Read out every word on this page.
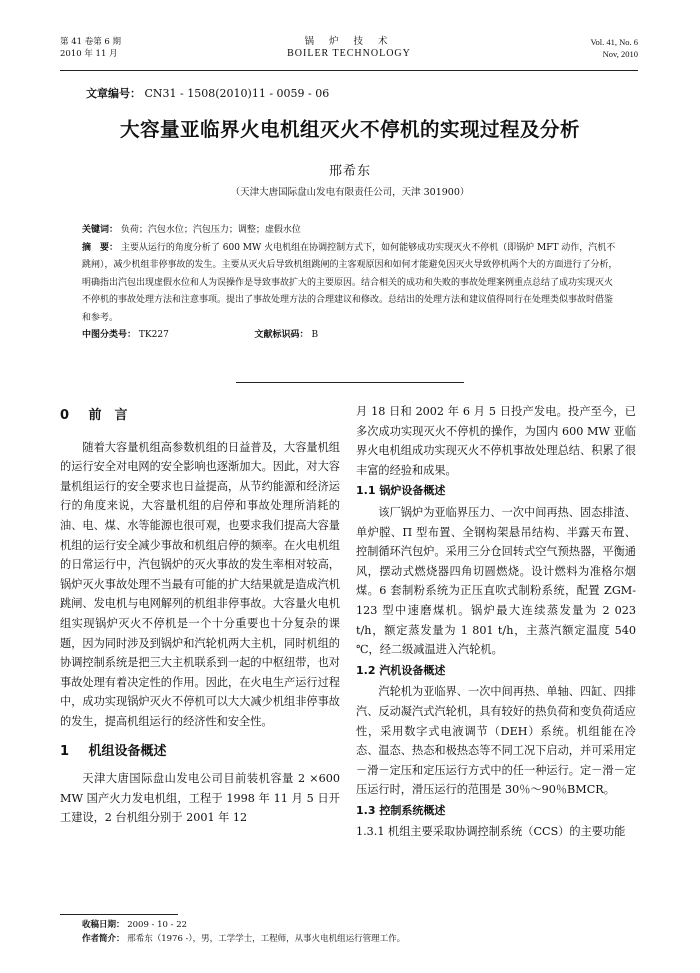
第 41 卷第 6 期
2010 年 11 月
锅 炉 技 术
BOILER TECHNOLOGY
Vol. 41, No. 6
Nov, 2010
文章编号： CN31 - 1508(2010)11 - 0059 - 06
大容量亚临界火电机组灭火不停机的实现过程及分析
邢希东
（天津大唐国际盘山发电有限责任公司，天津 301900）
关键词： 负荷；汽包水位；汽包压力；调整；虚假水位
摘　要： 主要从运行的角度分析了 600 MW 火电机组在协调控制方式下，如何能够成功实现灭火不停机（即锅炉 MFT 动作，汽机不跳闸），减少机组非停事故的发生。主要从灭火后导致机组跳闸的主客观原因和如何才能避免因灭火导致停机两个大的方面进行了分析，明确指出汽包出现虚假水位和人为误操作是导致事故扩大的主要原因。结合相关的成功和失败的事故处理案例重点总结了成功实现灭火不停机的事故处理方法和注意事项。提出了事故处理方法的合理建议和修改。总结出的处理方法和建议值得同行在处理类似事故时借鉴和参考。
中图分类号： TK227	文献标识码： B
0 前　言

随着大容量机组高参数机组的日益普及，大容量机组的运行安全对电网的安全影响也逐渐加大。因此，对大容量机组运行的安全要求也日益提高，从节约能源和经济运行的角度来说，大容量机组的启停和事故处理所消耗的油、电、煤、水等能源也很可观，也要求我们提高大容量机组的运行安全减少事故和机组启停的频率。在火电机组的日常运行中，汽包锅炉的灭火事故的发生率相对较高，锅炉灭火事故处理不当最有可能的扩大结果就是造成汽机跳闸、发电机与电网解列的机组非停事故。大容量火电机组实现锅炉灭火不停机是一个十分重要也十分复杂的课题，因为同时涉及到锅炉和汽轮机两大主机，同时机组的协调控制系统是把三大主机联系到一起的中枢纽带，也对事故处理有着决定性的作用。因此，在火电生产运行过程中，成功实现锅炉灭火不停机可以大大减少机组非停事故的发生，提高机组运行的经济性和安全性。

1 机组设备概述

天津大唐国际盘山发电公司目前装机容量 2 ×600 MW 国产火力发电机组，工程于 1998 年 11 月 5 日开工建设，2 台机组分别于 2001 年 12

月 18 日和 2002 年 6 月 5 日投产发电。投产至今，已多次成功实现灭火不停机的操作，为国内 600 MW 亚临界火电机组成功实现灭火不停机事故处理总结、积累了很丰富的经验和成果。

1.1 锅炉设备概述

该厂锅炉为亚临界压力、一次中间再热、固态排渣、单炉膛、Π 型布置、全钢构架悬吊结构、半露天布置、控制循环汽包炉。采用三分仓回转式空气预热器，平衡通风，摆动式燃烧器四角切圆燃烧。设计燃料为准格尔烟煤。6 套制粉系统为正压直吹式制粉系统，配置 ZGM-123 型中速磨煤机。锅炉最大连续蒸发量为 2 023 t/h，额定蒸发量为 1 801 t/h，主蒸汽额定温度 540 ℃，经二级减温进入汽轮机。

1.2 汽机设备概述

汽轮机为亚临界、一次中间再热、单轴、四缸、四排汽、反动凝汽式汽轮机，具有较好的热负荷和变负荷适应性，采用数字式电液调节（DEH）系统。机组能在冷态、温态、热态和极热态等不同工况下启动，并可采用定－滑－定压和定压运行方式中的任一种运行。定－滑－定压运行时，滑压运行的范围是 30％～90％BMCR。

1.3 控制系统概述

1.3.1 机组主要采取协调控制系统（CCS）的主要功能

收稿日期： 2009 - 10 - 22
作者简介： 邢希东（1976 -），男，工学学士，工程师，从事火电机组运行管理工作。
